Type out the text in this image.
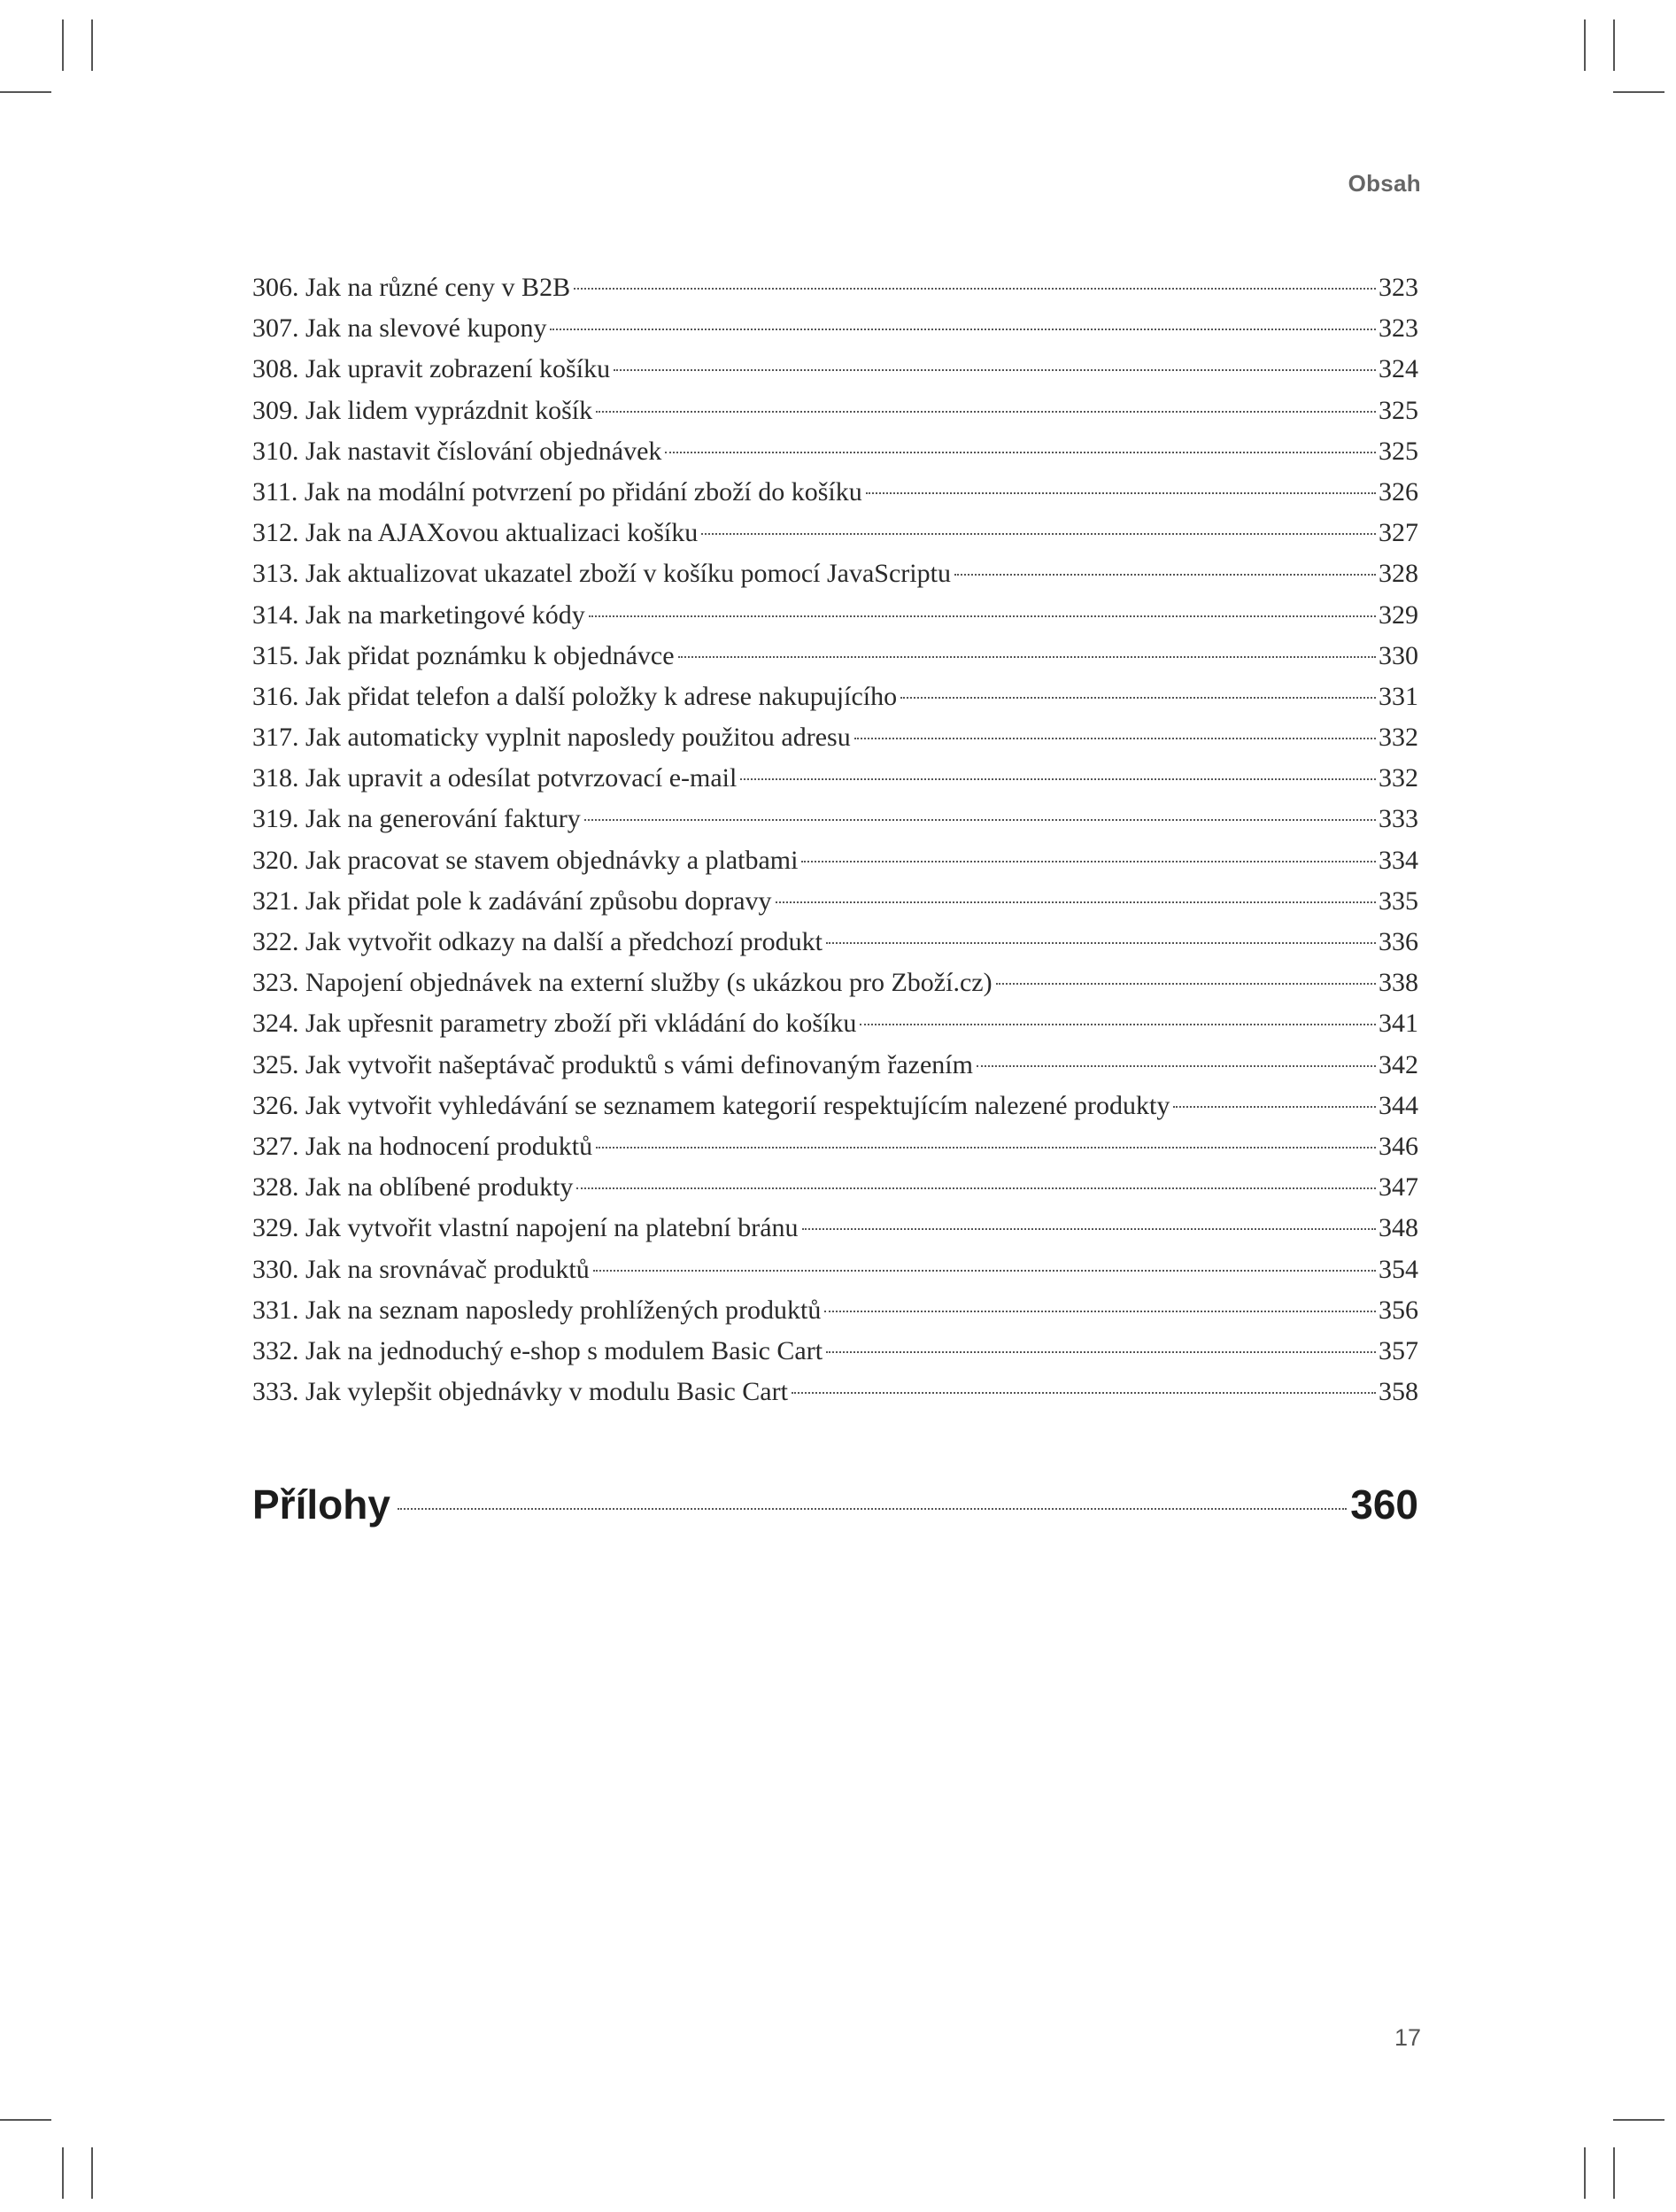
Obsah
306. Jak na různé ceny v B2B	323
307. Jak na slevové kupony	323
308. Jak upravit zobrazení košíku	324
309. Jak lidem vyprázdnit košík	325
310. Jak nastavit číslování objednávek	325
311. Jak na modální potvrzení po přidání zboží do košíku	326
312. Jak na AJAXovou aktualizaci košíku	327
313. Jak aktualizovat ukazatel zboží v košíku pomocí JavaScriptu	328
314. Jak na marketingové kódy	329
315. Jak přidat poznámku k objednávce	330
316. Jak přidat telefon a další položky k adrese nakupujícího	331
317. Jak automaticky vyplnit naposledy použitou adresu	332
318. Jak upravit a odesílat potvrzovací e-mail	332
319. Jak na generování faktury	333
320. Jak pracovat se stavem objednávky a platbami	334
321. Jak přidat pole k zadávání způsobu dopravy	335
322. Jak vytvořit odkazy na další a předchozí produkt	336
323. Napojení objednávek na externí služby (s ukázkou pro Zboží.cz)	338
324. Jak upřesnit parametry zboží při vkládání do košíku	341
325. Jak vytvořit našeptávač produktů s vámi definovaným řazením	342
326. Jak vytvořit vyhledávání se seznamem kategorií respektujícím nalezené produkty	344
327. Jak na hodnocení produktů	346
328. Jak na oblíbené produkty	347
329. Jak vytvořit vlastní napojení na platební bránu	348
330. Jak na srovnávač produktů	354
331. Jak na seznam naposledy prohlížených produktů	356
332. Jak na jednoduchý e-shop s modulem Basic Cart	357
333. Jak vylepšit objednávky v modulu Basic Cart	358
Přílohy	360
17
